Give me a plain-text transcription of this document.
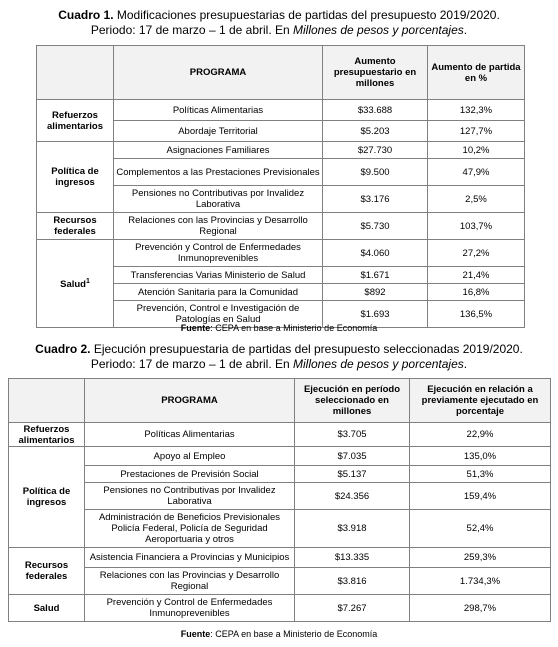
Cuadro 1. Modificaciones presupuestarias de partidas del presupuesto 2019/2020.
Periodo: 17 de marzo – 1 de abril. En Millones de pesos y porcentajes.
	PROGRAMA	Aumento presupuestario en millones	Aumento de partida en %
Refuerzos alimentarios	Políticas Alimentarias	$33.688	132,3%
	Abordaje Territorial	$5.203	127,7%
Política de ingresos	Asignaciones Familiares	$27.730	10,2%
	Complementos a las Prestaciones Previsionales	$9.500	47,9%
	Pensiones no Contributivas por Invalidez Laborativa	$3.176	2,5%
Recursos federales	Relaciones con las Provincias y Desarrollo Regional	$5.730	103,7%
Salud$^1$	Prevención y Control de Enfermedades Inmunoprevenibles	$4.060	27,2%
	Transferencias Varias Ministerio de Salud	$1.671	21,4%
	Atención Sanitaria para la Comunidad	$892	16,8%
	Prevención, Control e Investigación de Patologías en Salud	$1.693	136,5%
Fuente: CEPA en base a Ministerio de Economía
Cuadro 2. Ejecución presupuestaria de partidas del presupuesto seleccionadas 2019/2020.
Periodo: 17 de marzo – 1 de abril. En Millones de pesos y porcentajes.
	PROGRAMA	Ejecución en período seleccionado en millones	Ejecución en relación a previamente ejecutado en porcentaje
Refuerzos alimentarios	Políticas Alimentarias	$3.705	22,9%
Política de ingresos	Apoyo al Empleo	$7.035	135,0%
	Prestaciones de Previsión Social	$5.137	51,3%
	Pensiones no Contributivas por Invalidez Laborativa	$24.356	159,4%
	Administración de Beneficios Previsionales Policía Federal, Policía de Seguridad Aeroportuaria y otros	$3.918	52,4%
Recursos federales	Asistencia Financiera a Provincias y Municipios	$13.335	259,3%
	Relaciones con las Provincias y Desarrollo Regional	$3.816	1.734,3%
Salud	Prevención y Control de Enfermedades Inmunoprevenibles	$7.267	298,7%
Fuente: CEPA en base a Ministerio de Economía
